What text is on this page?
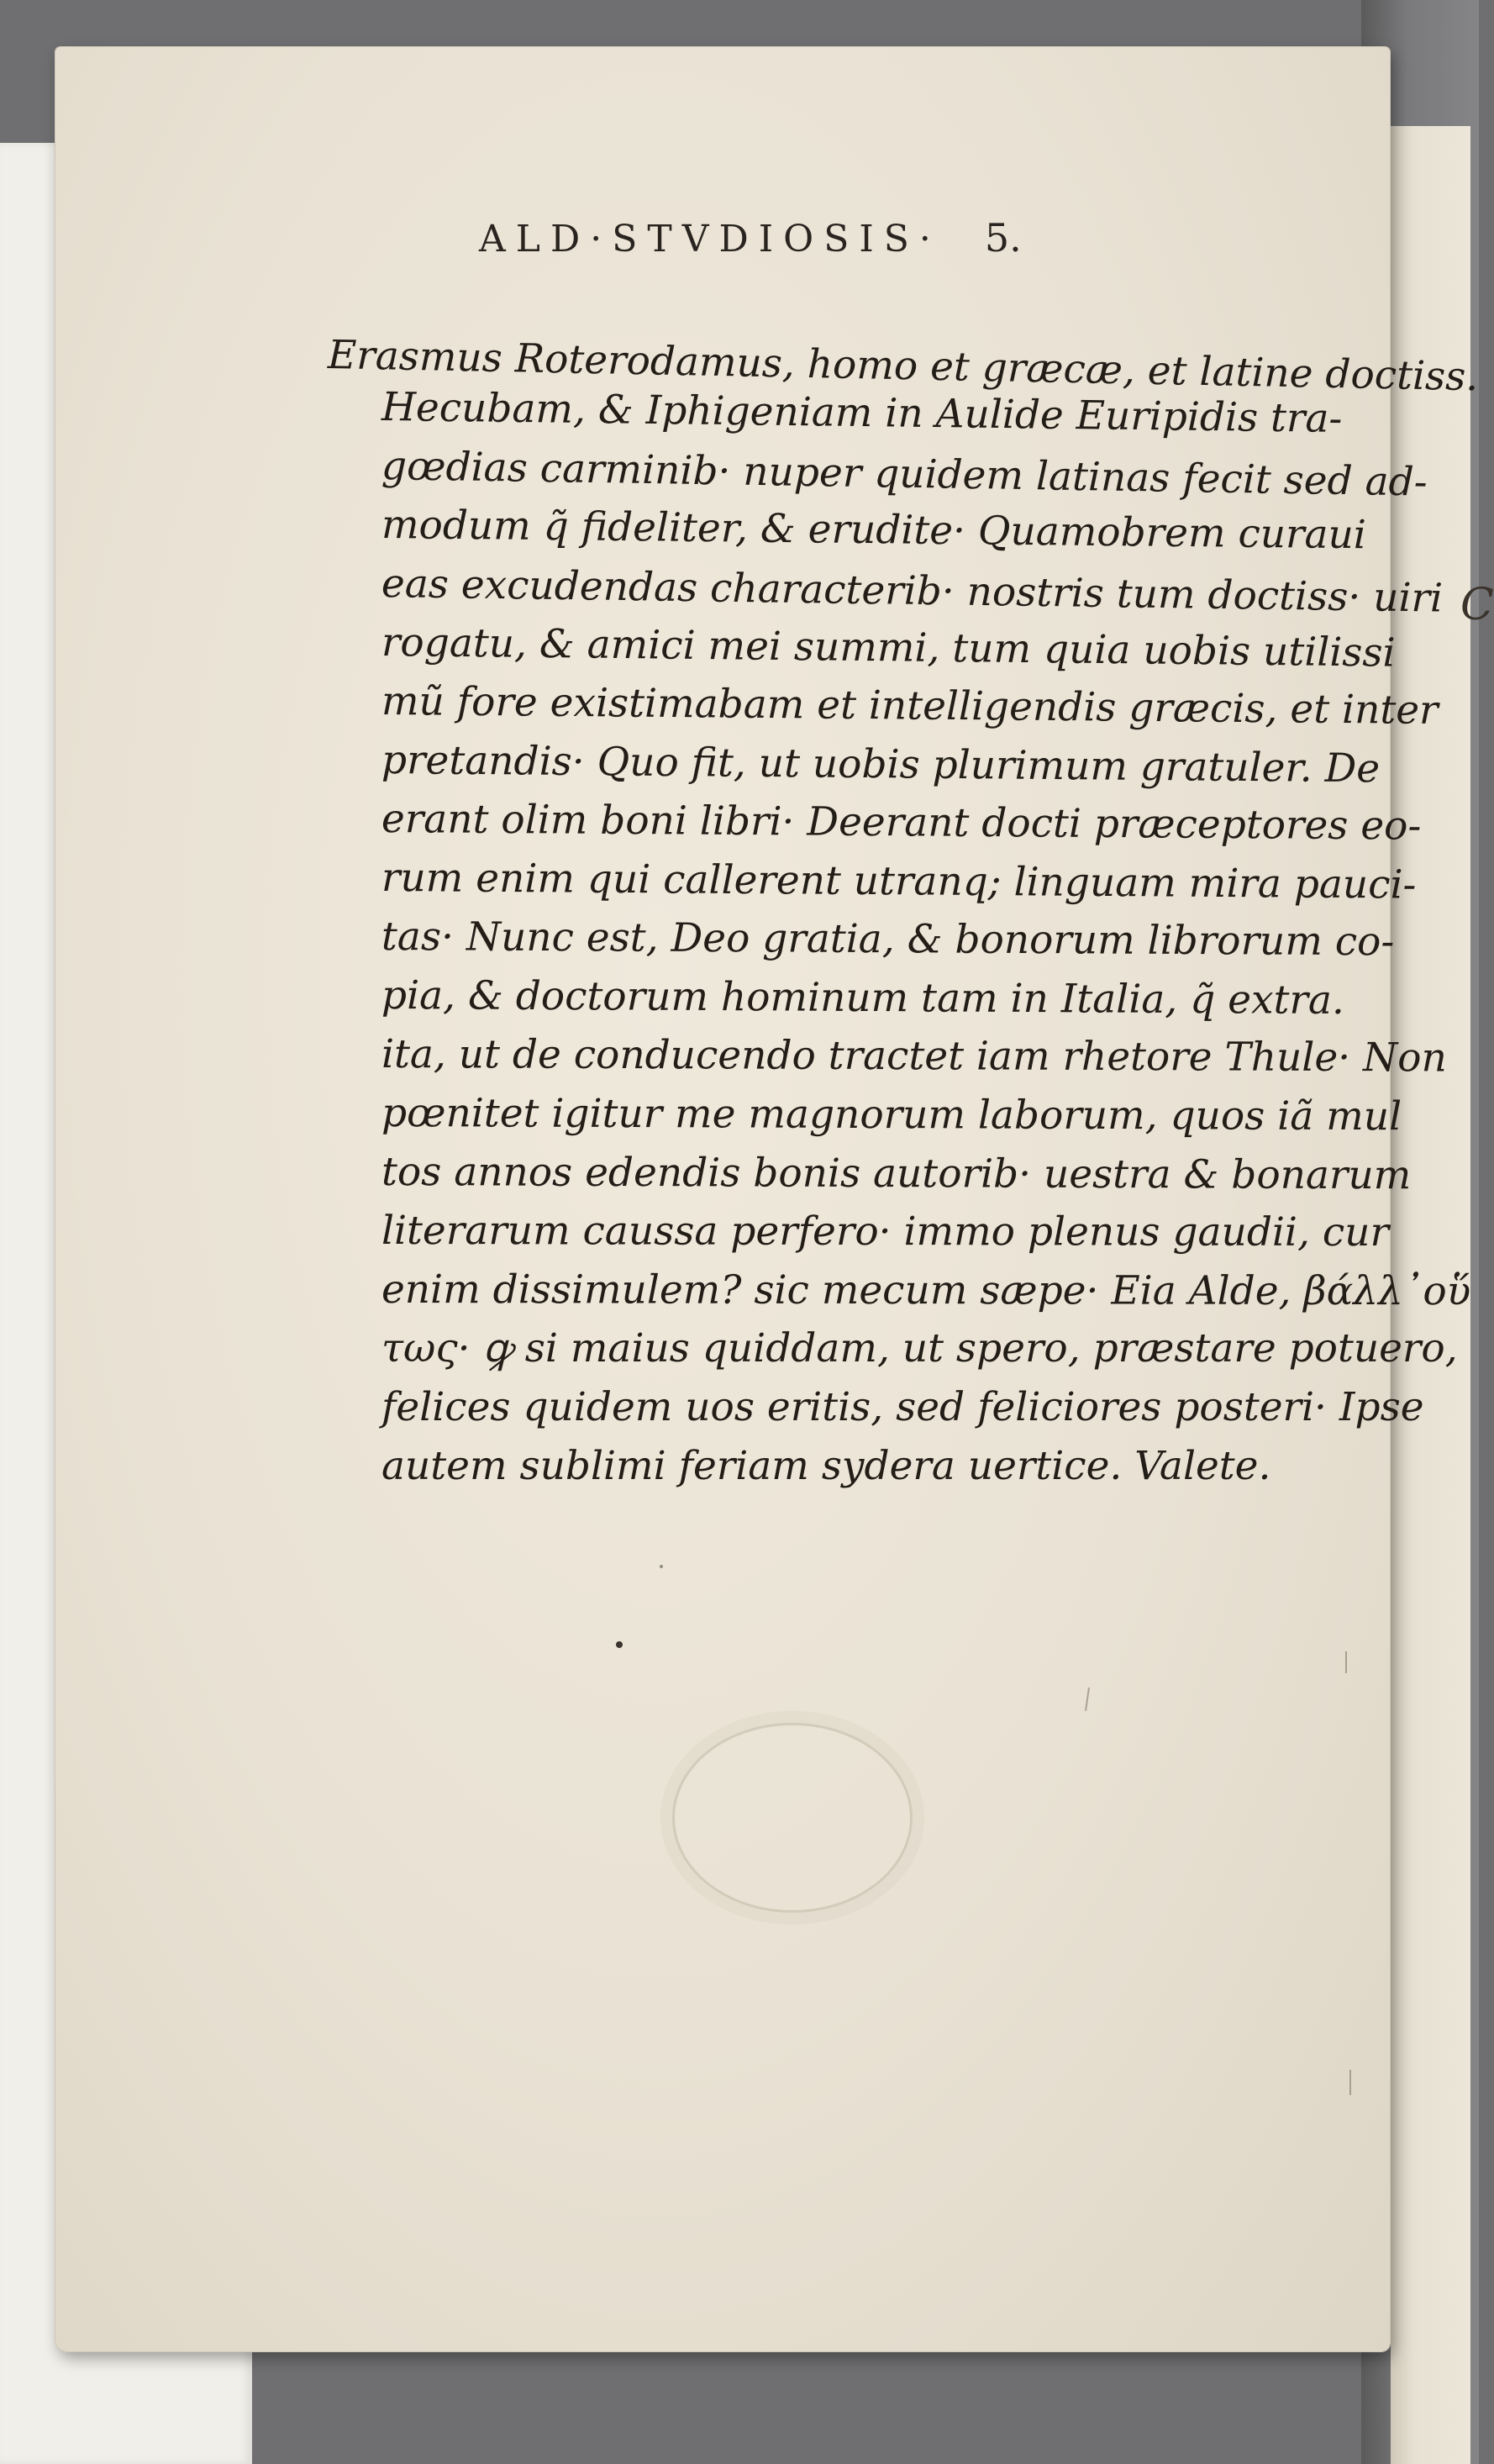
C
ALD·STVDIOSIS· 5.
Erasmus Roterodamus, homo et græcæ, et latine doctiss.
Hecubam, & Iphigeniam in Aulide Euripidis tra-
gœdias carminib· nuper quidem latinas fecit sed ad-
modum q̃ fideliter, & erudite· Quamobrem curaui
eas excudendas characterib· nostris tum doctiss· uiri
rogatu, & amici mei summi, tum quia uobis utilissi
mũ fore existimabam et intelligendis græcis, et inter
pretandis· Quo fit, ut uobis plurimum gratuler. De
erant olim boni libri· Deerant docti præceptores eo-
rum enim qui callerent utranq; linguam mira pauci-
tas· Nunc est, Deo gratia, & bonorum librorum co-
pia, & doctorum hominum tam in Italia, q̃ extra.
ita, ut de conducendo tractet iam rhetore Thule· Non
pœnitet igitur me magnorum laborum, quos iã mul
tos annos edendis bonis autorib· uestra & bonarum
literarum caussa perfero· immo plenus gaudii, cur
enim dissimulem? sic mecum sæpe· Eia Alde, βάλλ᾽οὕ
τως· ꝙ si maius quiddam, ut spero, præstare potuero,
felices quidem uos eritis, sed feliciores posteri· Ipse
autem sublimi feriam sydera uertice. Valete.
